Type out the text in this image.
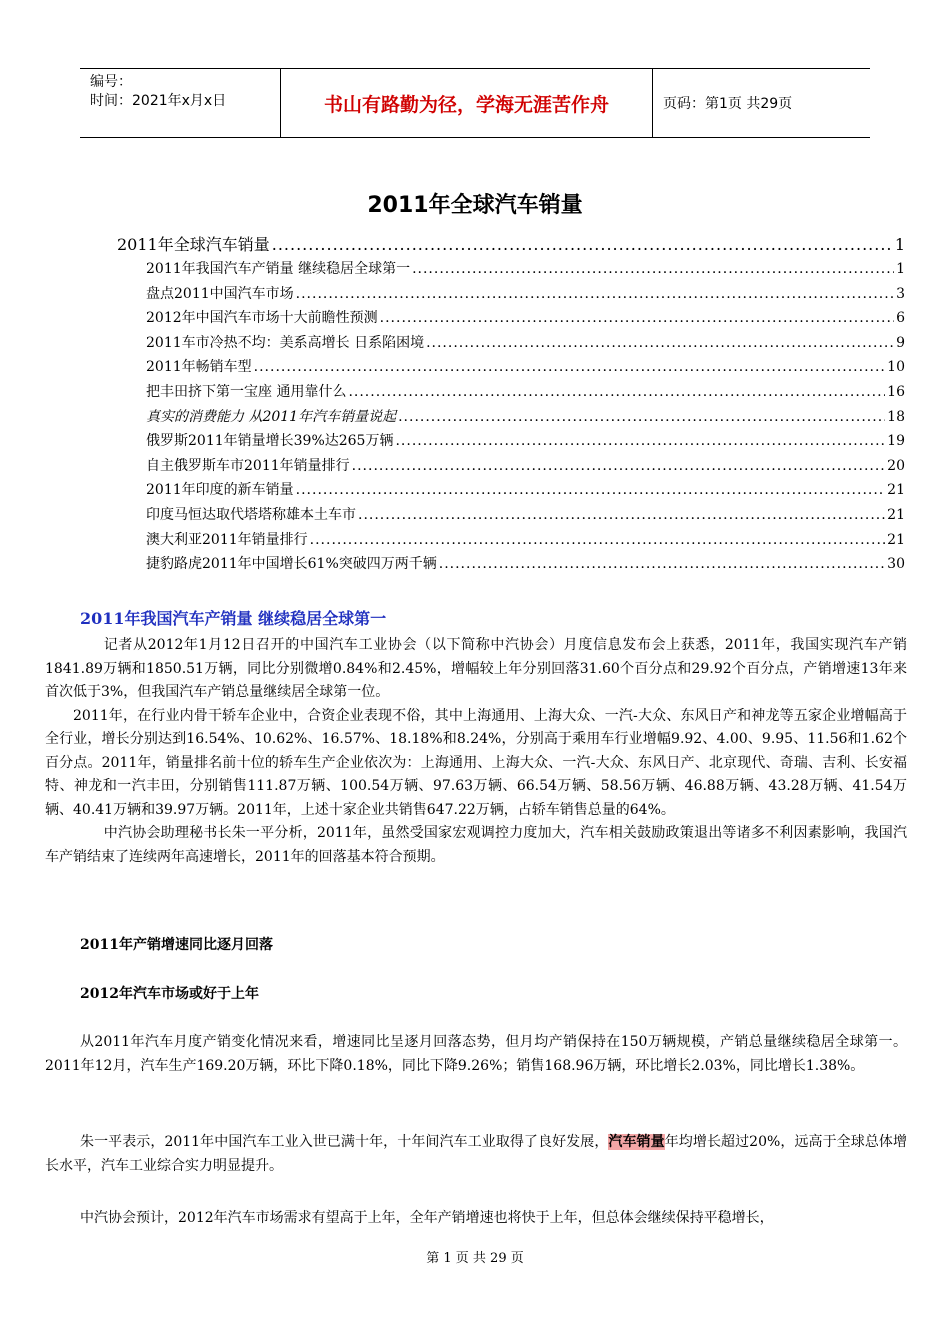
编号：
时间：2021年x月x日	书山有路勤为径，学海无涯苦作舟	页码：第1页 共29页
2011年全球汽车销量
2011年全球汽车销量 .....	1
2011年我国汽车产销量 继续稳居全球第一 .....	1
盘点2011中国汽车市场 .....	3
2012年中国汽车市场十大前瞻性预测 .....	6
2011车市冷热不均：美系高增长 日系陷困境 .....	9
2011年畅销车型 .....	10
把丰田挤下第一宝座 通用靠什么 .....	16
真实的消费能力 从2011年汽车销量说起 .....	18
俄罗斯2011年销量增长39%达265万辆 .....	19
自主俄罗斯车市2011年销量排行 .....	20
2011年印度的新车销量 .....	21
印度马恒达取代塔塔称雄本土车市 .....	21
澳大利亚2011年销量排行 .....	21
捷豹路虎2011年中国增长61%突破四万两千辆 .....	30
2011年我国汽车产销量 继续稳居全球第一

记者从2012年1月12日召开的中国汽车工业协会（以下简称中汽协会）月度信息发布会上获悉，2011年，我国实现汽车产销1841.89万辆和1850.51万辆，同比分别微增0.84%和2.45%，增幅较上年分别回落31.60个百分点和29.92个百分点，产销增速13年来首次低于3%，但我国汽车产销总量继续居全球第一位。

2011年，在行业内骨干轿车企业中，合资企业表现不俗，其中上海通用、上海大众、一汽-大众、东风日产和神龙等五家企业增幅高于全行业，增长分别达到16.54%、10.62%、16.57%、18.18%和8.24%，分别高于乘用车行业增幅9.92、4.00、9.95、11.56和1.62个百分点。2011年，销量排名前十位的轿车生产企业依次为：上海通用、上海大众、一汽-大众、东风日产、北京现代、奇瑞、吉利、长安福特、神龙和一汽丰田，分别销售111.87万辆、100.54万辆、97.63万辆、66.54万辆、58.56万辆、46.88万辆、43.28万辆、41.54万辆、40.41万辆和39.97万辆。2011年，上述十家企业共销售647.22万辆，占轿车销售总量的64%。

中汽协会助理秘书长朱一平分析，2011年，虽然受国家宏观调控力度加大，汽车相关鼓励政策退出等诸多不利因素影响，我国汽车产销结束了连续两年高速增长，2011年的回落基本符合预期。

2011年产销增速同比逐月回落
2012年汽车市场或好于上年

从2011年汽车月度产销变化情况来看，增速同比呈逐月回落态势，但月均产销保持在150万辆规模，产销总量继续稳居全球第一。2011年12月，汽车生产169.20万辆，环比下降0.18%，同比下降9.26%；销售168.96万辆，环比增长2.03%，同比增长1.38%。

朱一平表示，2011年中国汽车工业入世已满十年，十年间汽车工业取得了良好发展，汽车销量年均增长超过20%，远高于全球总体增长水平，汽车工业综合实力明显提升。

中汽协会预计，2012年汽车市场需求有望高于上年，全年产销增速也将快于上年，但总体会继续保持平稳增长，

第 1 页 共 29 页
